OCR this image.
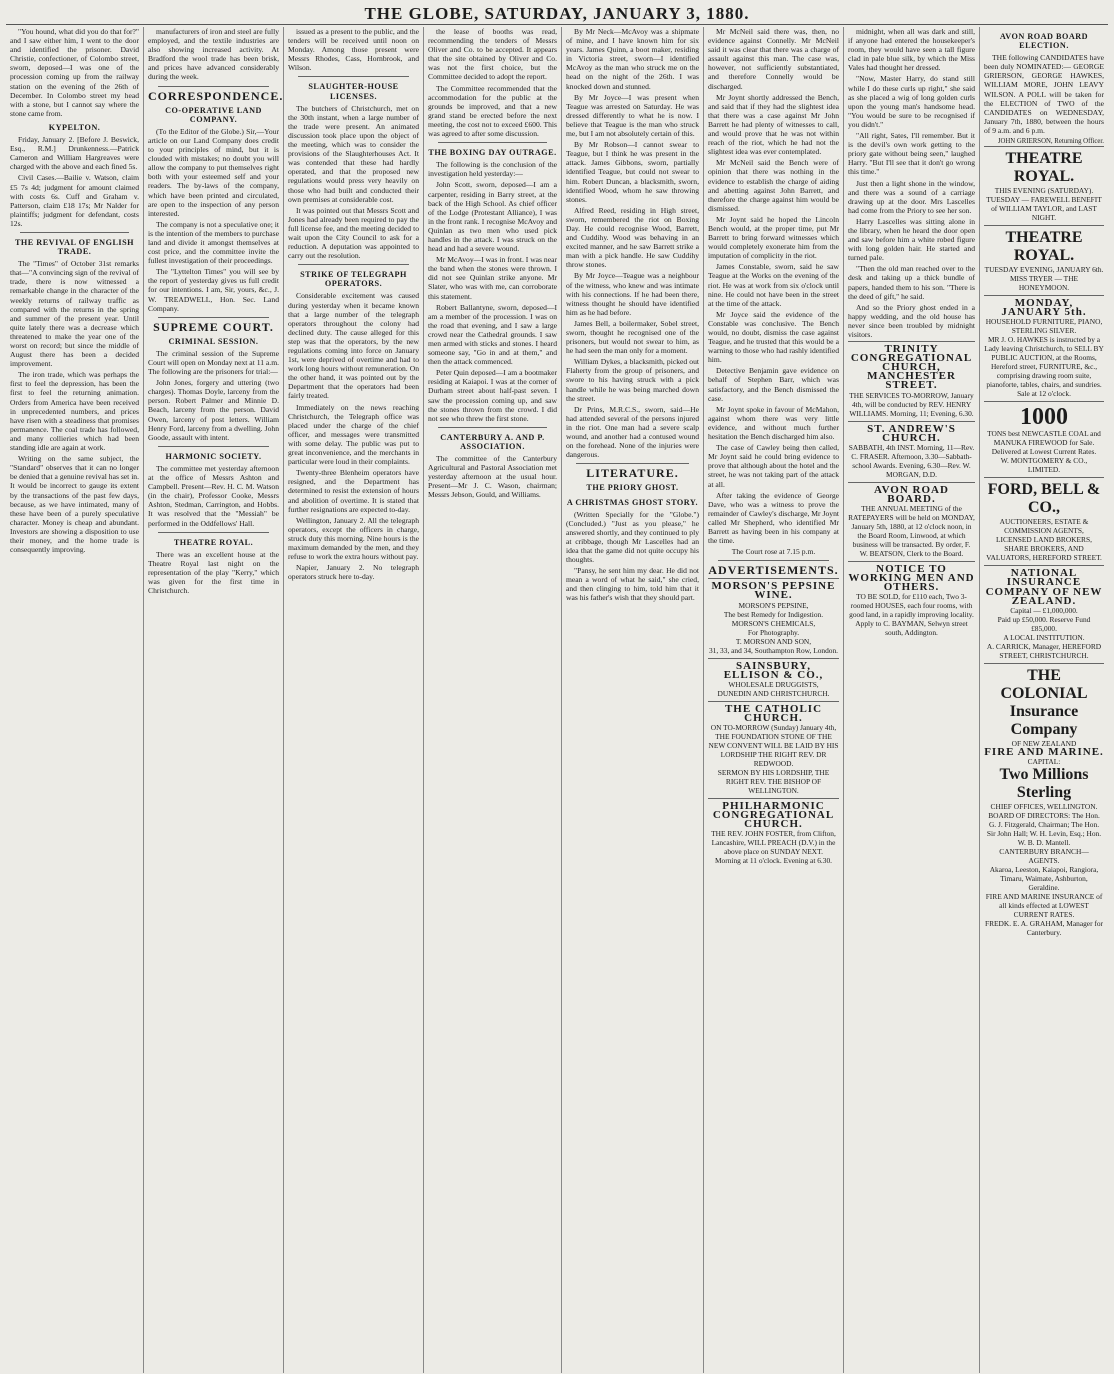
THE GLOBE, SATURDAY, JANUARY 3, 1880.

"You hound, what did you do that for?" and I saw either him, I went to the door and identified the prisoner. David Christie, confectioner, of Colombo street, sworn, deposed—I was one of the procession coming up from the railway station on the evening of the 26th of December. In Colombo street my head with a stone, but I cannot say where the stone came from.

KYPELTON.

Friday, January 2. [Before J. Beswick, Esq., R.M.] Drunkenness.—Patrick Cameron and William Hargreaves were charged with the above and each fined 5s.

Civil Cases.—Bailie v. Watson, claim £5 7s 4d; judgment for amount claimed with costs 6s. Cuff and Graham v. Patterson, claim £18 17s; Mr Nalder for plaintiffs; judgment for defendant, costs 12s.

THE REVIVAL OF ENGLISH TRADE.

The "Times" of October 31st remarks that—"A convincing sign of the revival of trade, there is now witnessed a remarkable change in the character of the weekly returns of railway traffic as compared with the returns in the spring and summer of the present year. Until quite lately there was a decrease which threatened to make the year one of the worst on record; but since the middle of August there has been a decided improvement.

The iron trade, which was perhaps the first to feel the depression, has been the first to feel the returning animation. Orders from America have been received in unprecedented numbers, and prices have risen with a steadiness that promises permanence. The coal trade has followed, and many collieries which had been standing idle are again at work.

Writing on the same subject, the "Standard" observes that it can no longer be denied that a genuine revival has set in. It would be incorrect to gauge its extent by the transactions of the past few days, because, as we have intimated, many of these have been of a purely speculative character. Money is cheap and abundant. Investors are showing a disposition to use their money, and the home trade is consequently improving.

manufacturers of iron and steel are fully employed, and the textile industries are also showing increased activity. At Bradford the wool trade has been brisk, and prices have advanced considerably during the week.

CORRESPONDENCE.
CO-OPERATIVE LAND COMPANY.

(To the Editor of the Globe.) Sir,—Your article on our Land Company does credit to your principles of mind, but it is clouded with mistakes; no doubt you will allow the company to put themselves right both with your esteemed self and your readers. The by-laws of the company, which have been printed and circulated, are open to the inspection of any person interested.

The company is not a speculative one; it is the intention of the members to purchase land and divide it amongst themselves at cost price, and the committee invite the fullest investigation of their proceedings.

The "Lyttelton Times" you will see by the report of yesterday gives us full credit for our intentions. I am, Sir, yours, &c., J. W. TREADWELL, Hon. Sec. Land Company.

SUPREME COURT.
CRIMINAL SESSION.

The criminal session of the Supreme Court will open on Monday next at 11 a.m. The following are the prisoners for trial:—

John Jones, forgery and uttering (two charges). Thomas Doyle, larceny from the person. Robert Palmer and Minnie D. Beach, larceny from the person. David Owen, larceny of post letters. William Henry Ford, larceny from a dwelling. John Goode, assault with intent.

HARMONIC SOCIETY.

The committee met yesterday afternoon at the office of Messrs Ashton and Campbell. Present—Rev. H. C. M. Watson (in the chair), Professor Cooke, Messrs Ashton, Stedman, Carrington, and Hobbs. It was resolved that the "Messiah" be performed in the Oddfellows' Hall.

THEATRE ROYAL.

There was an excellent house at the Theatre Royal last night on the representation of the play "Kerry," which was given for the first time in Christchurch.

issued as a present to the public, and the tenders will be received until noon on Monday. Among those present were Messrs Rhodes, Cass, Hornbrook, and Wilson.

SLAUGHTER-HOUSE LICENSES.

The butchers of Christchurch, met on the 30th instant, when a large number of the trade were present. An animated discussion took place upon the object of the meeting, which was to consider the provisions of the Slaughterhouses Act. It was contended that these had hardly operated, and that the proposed new regulations would press very heavily on those who had built and conducted their own premises at considerable cost.

It was pointed out that Messrs Scott and Jones had already been required to pay the full license fee, and the meeting decided to wait upon the City Council to ask for a reduction. A deputation was appointed to carry out the resolution.

STRIKE OF TELEGRAPH OPERATORS.

Considerable excitement was caused during yesterday when it became known that a large number of the telegraph operators throughout the colony had declined duty. The cause alleged for this step was that the operators, by the new regulations coming into force on January 1st, were deprived of overtime and had to work long hours without remuneration. On the other hand, it was pointed out by the Department that the operators had been fairly treated.

Immediately on the news reaching Christchurch, the Telegraph office was placed under the charge of the chief officer, and messages were transmitted with some delay. The public was put to great inconvenience, and the merchants in particular were loud in their complaints.

Twenty-three Blenheim operators have resigned, and the Department has determined to resist the extension of hours and abolition of overtime. It is stated that further resignations are expected to-day.

Wellington, January 2. All the telegraph operators, except the officers in charge, struck duty this morning. Nine hours is the maximum demanded by the men, and they refuse to work the extra hours without pay.

Napier, January 2. No telegraph operators struck here to-day.

the lease of booths was read, recommending the tenders of Messrs Oliver and Co. to be accepted. It appears that the site obtained by Oliver and Co. was not the first choice, but the Committee decided to adopt the report.

The Committee recommended that the accommodation for the public at the grounds be improved, and that a new grand stand be erected before the next meeting, the cost not to exceed £600. This was agreed to after some discussion.

THE BOXING DAY OUTRAGE.

The following is the conclusion of the investigation held yesterday:—

John Scott, sworn, deposed—I am a carpenter, residing in Barry street, at the back of the High School. As chief officer of the Lodge (Protestant Alliance), I was in the front rank. I recognise McAvoy and Quinlan as two men who used pick handles in the attack. I was struck on the head and had a severe wound.

Mr McAvoy—I was in front. I was near the band when the stones were thrown. I did not see Quinlan strike anyone. Mr Slater, who was with me, can corroborate this statement.

Robert Ballantyne, sworn, deposed—I am a member of the procession. I was on the road that evening, and I saw a large crowd near the Cathedral grounds. I saw men armed with sticks and stones. I heard someone say, "Go in and at them," and then the attack commenced.

Peter Quin deposed—I am a bootmaker residing at Kaiapoi. I was at the corner of Durham street about half-past seven. I saw the procession coming up, and saw the stones thrown from the crowd. I did not see who threw the first stone.

CANTERBURY A. AND P. ASSOCIATION.

The committee of the Canterbury Agricultural and Pastoral Association met yesterday afternoon at the usual hour. Present—Mr J. C. Wason, chairman; Messrs Jebson, Gould, and Williams.

By Mr Neck—McAvoy was a shipmate of mine, and I have known him for six years. James Quinn, a boot maker, residing in Victoria street, sworn—I identified McAvoy as the man who struck me on the head on the night of the 26th. I was knocked down and stunned.

By Mr Joyce—I was present when Teague was arrested on Saturday. He was dressed differently to what he is now. I believe that Teague is the man who struck me, but I am not absolutely certain of this.

By Mr Robson—I cannot swear to Teague, but I think he was present in the attack. James Gibbons, sworn, partially identified Teague, but could not swear to him. Robert Duncan, a blacksmith, sworn, identified Wood, whom he saw throwing stones.

Alfred Reed, residing in High street, sworn, remembered the riot on Boxing Day. He could recognise Wood, Barrett, and Cuddihy. Wood was behaving in an excited manner, and he saw Barrett strike a man with a pick handle. He saw Cuddihy throw stones.

By Mr Joyce—Teague was a neighbour of the witness, who knew and was intimate with his connections. If he had been there, witness thought he should have identified him as he had before.

James Bell, a boilermaker, Sobel street, sworn, thought he recognised one of the prisoners, but would not swear to him, as he had seen the man only for a moment.

William Dykes, a blacksmith, picked out Flaherty from the group of prisoners, and swore to his having struck with a pick handle while he was being marched down the street.

Dr Prins, M.R.C.S., sworn, said—He had attended several of the persons injured in the riot. One man had a severe scalp wound, and another had a contused wound on the forehead. None of the injuries were dangerous.

LITERATURE.
THE PRIORY GHOST.
A CHRISTMAS GHOST STORY.

(Written Specially for the "Globe.") (Concluded.) "Just as you please," he answered shortly, and they continued to ply at cribbage, though Mr Lascelles had an idea that the game did not quite occupy his thoughts.

"Pansy, he sent him my dear. He did not mean a word of what he said," she cried, and then clinging to him, told him that it was his father's wish that they should part.

Mr McNeil said there was, then, no evidence against Connelly. Mr McNeil said it was clear that there was a charge of assault against this man. The case was, however, not sufficiently substantiated, and therefore Connelly would be discharged.

Mr Joynt shortly addressed the Bench, and said that if they had the slightest idea that there was a case against Mr John Barrett he had plenty of witnesses to call, and would prove that he was not within reach of the riot, which he had not the slightest idea was ever contemplated.

Mr McNeil said the Bench were of opinion that there was nothing in the evidence to establish the charge of aiding and abetting against John Barrett, and therefore the charge against him would be dismissed.

Mr Joynt said he hoped the Lincoln Bench would, at the proper time, put Mr Barrett to bring forward witnesses which would completely exonerate him from the imputation of complicity in the riot.

James Constable, sworn, said he saw Teague at the Works on the evening of the riot. He was at work from six o'clock until nine. He could not have been in the street at the time of the attack.

Mr Joyce said the evidence of the Constable was conclusive. The Bench would, no doubt, dismiss the case against Teague, and he trusted that this would be a warning to those who had rashly identified him.

Detective Benjamin gave evidence on behalf of Stephen Barr, which was satisfactory, and the Bench dismissed the case.

Mr Joynt spoke in favour of McMahon, against whom there was very little evidence, and without much further hesitation the Bench discharged him also.

The case of Cawley being then called, Mr Joynt said he could bring evidence to prove that although about the hotel and the street, he was not taking part of the attack at all.

After taking the evidence of George Dave, who was a witness to prove the remainder of Cawley's discharge, Mr Joynt called Mr Shepherd, who identified Mr Barrett as having been in his company at the time.

The Court rose at 7.15 p.m.
ADVERTISEMENTS.
MORSON'S PEPSINE WINE.
MORSON'S PEPSINE,
The best Remedy for Indigestion.
MORSON'S CHEMICALS,
For Photography.
T. MORSON AND SON,
31, 33, and 34, Southampton Row, London.
SAINSBURY, ELLISON & CO.,
WHOLESALE DRUGGISTS,
DUNEDIN AND CHRISTCHURCH.
THE CATHOLIC CHURCH.
ON TO-MORROW (Sunday) January 4th,
THE FOUNDATION STONE OF THE NEW CONVENT WILL BE LAID BY HIS LORDSHIP THE RIGHT REV. DR REDWOOD.
SERMON BY HIS LORDSHIP, THE RIGHT REV. THE BISHOP OF WELLINGTON.
PHILHARMONIC CONGREGATIONAL CHURCH.
THE REV. JOHN FOSTER, from Clifton, Lancashire, WILL PREACH (D.V.) in the above place on SUNDAY NEXT.
Morning at 11 o'clock. Evening at 6.30.

midnight, when all was dark and still, if anyone had entered the housekeeper's room, they would have seen a tall figure clad in pale blue silk, by which the Miss Vales had thought her dressed.

"Now, Master Harry, do stand still while I do these curls up right," she said as she placed a wig of long golden curls upon the young man's handsome head. "You would be sure to be recognised if you didn't."

"All right, Sates, I'll remember. But it is the devil's own work getting to the priory gate without being seen," laughed Harry. "But I'll see that it don't go wrong this time."

Just then a light shone in the window, and there was a sound of a carriage drawing up at the door. Mrs Lascelles had come from the Priory to see her son.

Harry Lascelles was sitting alone in the library, when he heard the door open and saw before him a white robed figure with long golden hair. He started and turned pale.

"Then the old man reached over to the desk and taking up a thick bundle of papers, handed them to his son. "There is the deed of gift," he said.

And so the Priory ghost ended in a happy wedding, and the old house has never since been troubled by midnight visitors.

TRINITY CONGREGATIONAL CHURCH, MANCHESTER STREET.
THE SERVICES TO-MORROW, January 4th, will be conducted by REV. HENRY WILLIAMS. Morning, 11; Evening, 6.30.
ST. ANDREW'S CHURCH.
SABBATH, 4th INST. Morning, 11—Rev. C. FRASER. Afternoon, 3.30—Sabbath-school Awards. Evening, 6.30—Rev. W. MORGAN, D.D.
AVON ROAD BOARD.
THE ANNUAL MEETING of the RATEPAYERS will be held on MONDAY, January 5th, 1880, at 12 o'clock noon, in the Board Room, Linwood, at which business will be transacted. By order, F. W. BEATSON, Clerk to the Board.
NOTICE TO WORKING MEN AND OTHERS.
TO BE SOLD, for £110 each, Two 3-roomed HOUSES, each four rooms, with good land, in a rapidly improving locality. Apply to C. BAYMAN, Selwyn street south, Addington.
AVON ROAD BOARD ELECTION.

THE following CANDIDATES have been duly NOMINATED:— GEORGE GRIERSON, GEORGE HAWKES, WILLIAM MORE, JOHN LEAVY WILSON. A POLL will be taken for the ELECTION of TWO of the CANDIDATES on WEDNESDAY, January 7th, 1880, between the hours of 9 a.m. and 6 p.m.

JOHN GRIERSON, Returning Officer.
THEATRE ROYAL.
THIS EVENING (SATURDAY).
TUESDAY — FAREWELL BENEFIT of WILLIAM TAYLOR, and LAST NIGHT.
THEATRE ROYAL.
TUESDAY EVENING, JANUARY 6th.
MISS TRYER — THE HONEYMOON.
MONDAY, JANUARY 5th.
HOUSEHOLD FURNITURE, PIANO, STERLING SILVER.
MR J. O. HAWKES is instructed by a Lady leaving Christchurch, to SELL BY PUBLIC AUCTION, at the Rooms, Hereford street, FURNITURE, &c., comprising drawing room suite, pianoforte, tables, chairs, and sundries. Sale at 12 o'clock.
1000
TONS best NEWCASTLE COAL and MANUKA FIREWOOD for Sale. Delivered at Lowest Current Rates.
W. MONTGOMERY & CO., LIMITED.
FORD, BELL & CO.,
AUCTIONEERS, ESTATE & COMMISSION AGENTS,
LICENSED LAND BROKERS, SHARE BROKERS, AND VALUATORS, HEREFORD STREET.
NATIONAL INSURANCE COMPANY OF NEW ZEALAND.
Capital — £1,000,000.
Paid up £50,000. Reserve Fund £85,000.
A LOCAL INSTITUTION.
A. CARRICK, Manager, HEREFORD STREET, CHRISTCHURCH.
THE COLONIAL
Insurance Company
OF NEW ZEALAND
FIRE AND MARINE.
CAPITAL:
Two Millions Sterling
CHIEF OFFICES, WELLINGTON.
BOARD OF DIRECTORS: The Hon. G. J. Fitzgerald, Chairman; The Hon. Sir John Hall; W. H. Levin, Esq.; Hon. W. B. D. Mantell.
CANTERBURY BRANCH—AGENTS.
Akaroa, Leeston, Kaiapoi, Rangiora, Timaru, Waimate, Ashburton, Geraldine.
FIRE AND MARINE INSURANCE of all kinds effected at LOWEST CURRENT RATES.
FREDK. E. A. GRAHAM, Manager for Canterbury.
